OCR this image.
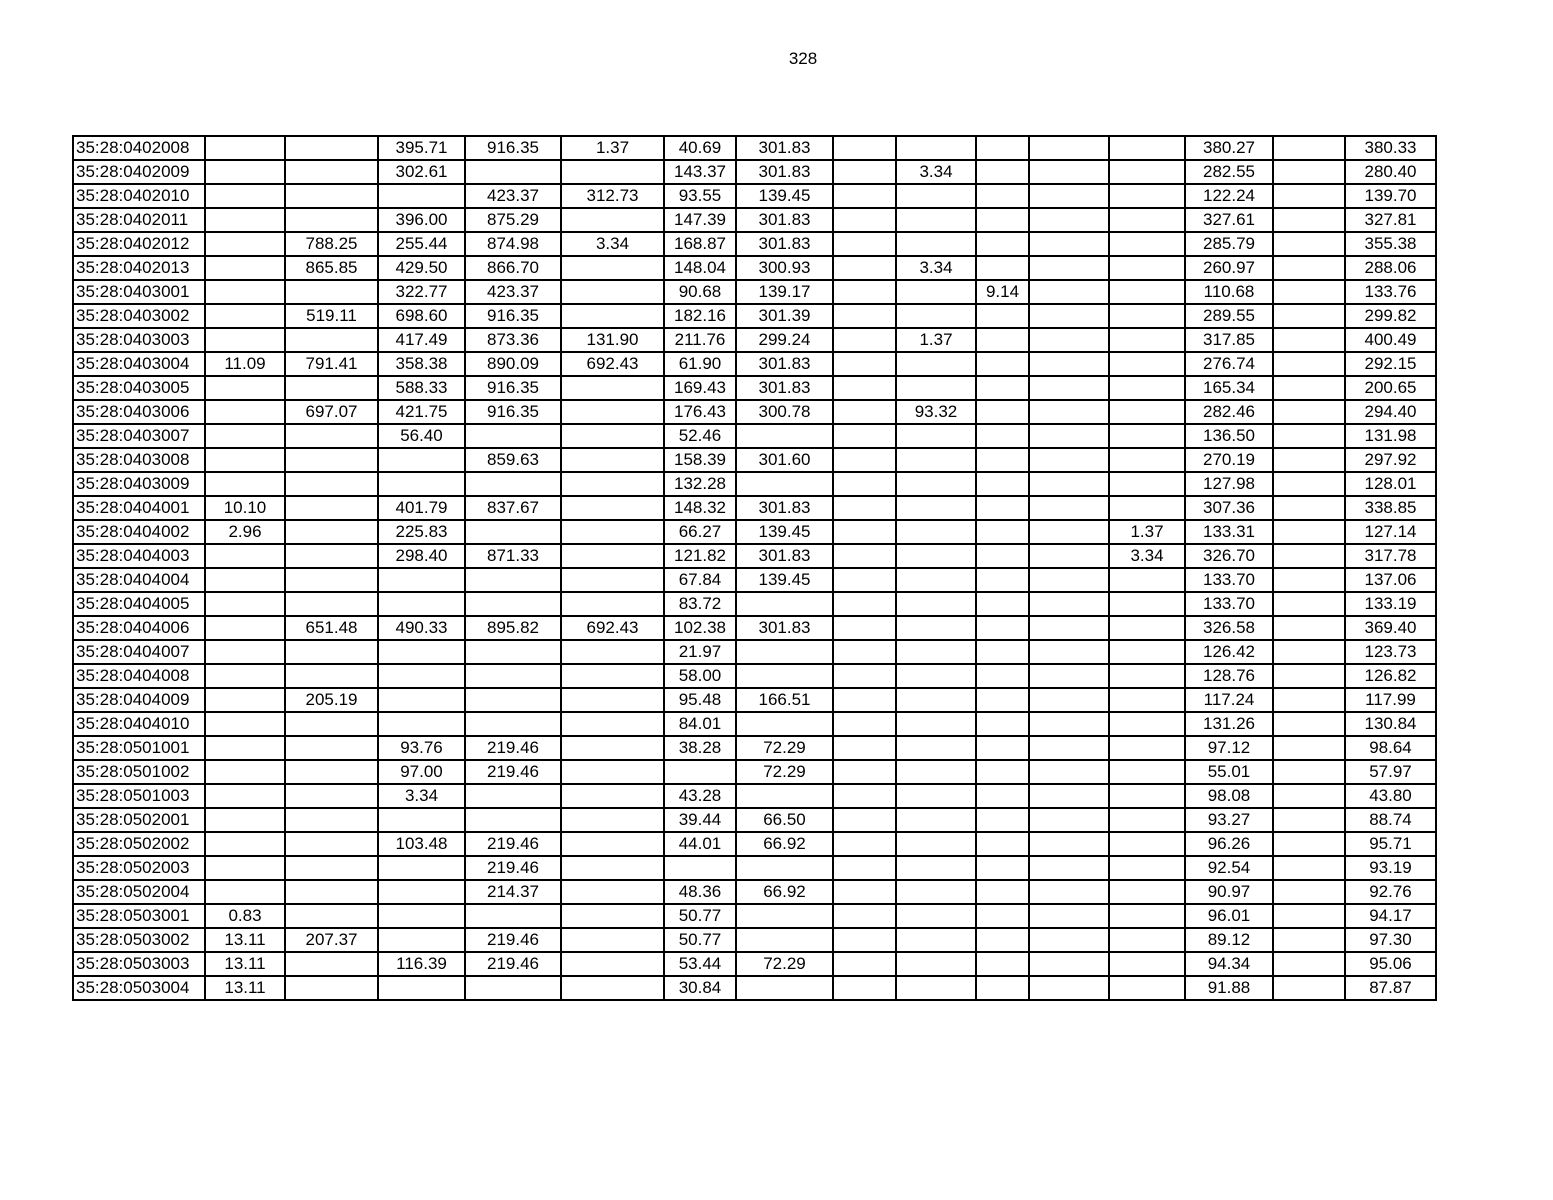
328
35:28:0402008			395.71	916.35	1.37	40.69	301.83						380.27		380.33
35:28:0402009			302.61			143.37	301.83		3.34				282.55		280.40
35:28:0402010				423.37	312.73	93.55	139.45						122.24		139.70
35:28:0402011			396.00	875.29		147.39	301.83						327.61		327.81
35:28:0402012		788.25	255.44	874.98	3.34	168.87	301.83						285.79		355.38
35:28:0402013		865.85	429.50	866.70		148.04	300.93		3.34				260.97		288.06
35:28:0403001			322.77	423.37		90.68	139.17			9.14			110.68		133.76
35:28:0403002		519.11	698.60	916.35		182.16	301.39						289.55		299.82
35:28:0403003			417.49	873.36	131.90	211.76	299.24		1.37				317.85		400.49
35:28:0403004	11.09	791.41	358.38	890.09	692.43	61.90	301.83						276.74		292.15
35:28:0403005			588.33	916.35		169.43	301.83						165.34		200.65
35:28:0403006		697.07	421.75	916.35		176.43	300.78		93.32				282.46		294.40
35:28:0403007			56.40			52.46							136.50		131.98
35:28:0403008				859.63		158.39	301.60						270.19		297.92
35:28:0403009						132.28							127.98		128.01
35:28:0404001	10.10		401.79	837.67		148.32	301.83						307.36		338.85
35:28:0404002	2.96		225.83			66.27	139.45					1.37	133.31		127.14
35:28:0404003			298.40	871.33		121.82	301.83					3.34	326.70		317.78
35:28:0404004						67.84	139.45						133.70		137.06
35:28:0404005						83.72							133.70		133.19
35:28:0404006		651.48	490.33	895.82	692.43	102.38	301.83						326.58		369.40
35:28:0404007						21.97							126.42		123.73
35:28:0404008						58.00							128.76		126.82
35:28:0404009		205.19				95.48	166.51						117.24		117.99
35:28:0404010						84.01							131.26		130.84
35:28:0501001			93.76	219.46		38.28	72.29						97.12		98.64
35:28:0501002			97.00	219.46			72.29						55.01		57.97
35:28:0501003			3.34			43.28							98.08		43.80
35:28:0502001						39.44	66.50						93.27		88.74
35:28:0502002			103.48	219.46		44.01	66.92						96.26		95.71
35:28:0502003				219.46									92.54		93.19
35:28:0502004				214.37		48.36	66.92						90.97		92.76
35:28:0503001	0.83					50.77							96.01		94.17
35:28:0503002	13.11	207.37		219.46		50.77							89.12		97.30
35:28:0503003	13.11		116.39	219.46		53.44	72.29						94.34		95.06
35:28:0503004	13.11					30.84							91.88		87.87
